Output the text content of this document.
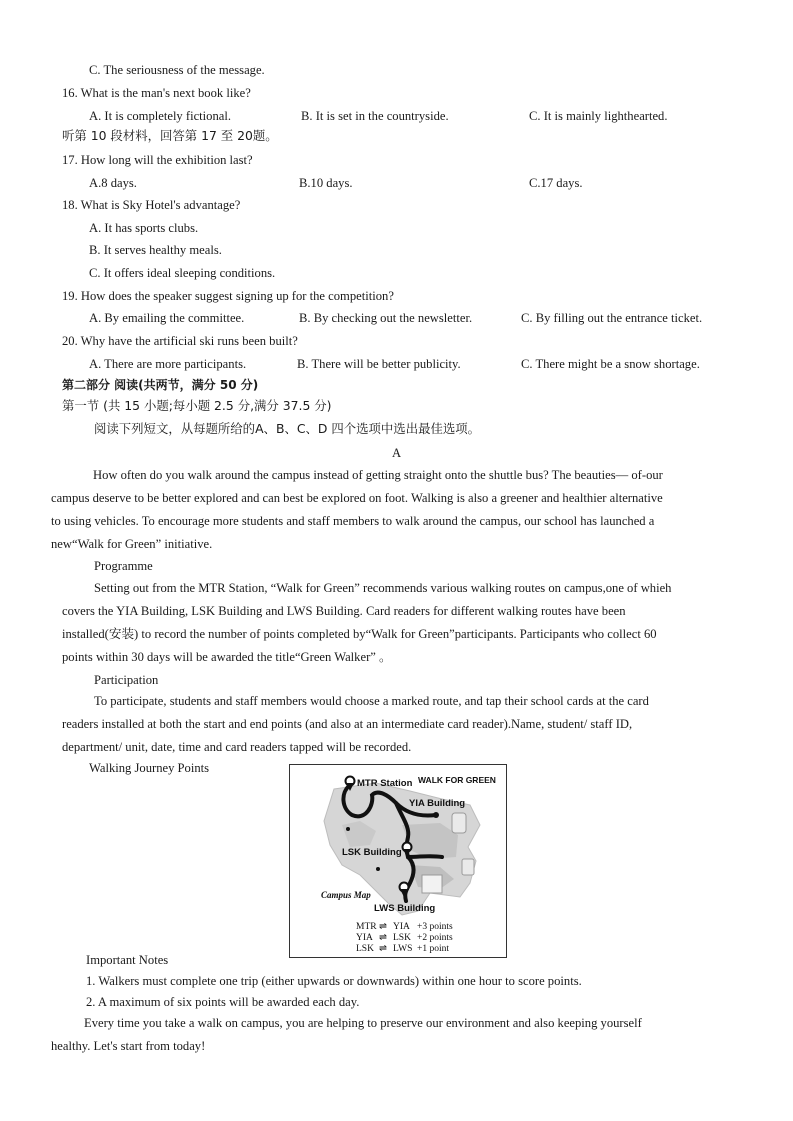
C. The seriousness of the message.
16. What is the man's next book like?
A. It is completely fictional.	B. It is set in the countryside.	C. It is mainly lighthearted.
听第 10 段材料，回答第 17 至 20题。
17. How long will the exhibition last?
A.8 days.	B.10 days.	C.17 days.
18. What is Sky Hotel's advantage?
A. It has sports clubs.
B. It serves healthy meals.
C. It offers ideal sleeping conditions.
19. How does the speaker suggest signing up for the competition?
A. By emailing the committee.	B. By checking out the newsletter.	C. By filling out the entrance ticket.
20. Why have the artificial ski runs been built?
A. There are more participants.	B. There will be better publicity.	C. There might be a snow shortage.
第二部分 阅读(共两节，满分 50 分)
第一节 (共 15 小题;每小题 2.5 分,满分 37.5 分)
阅读下列短文，从每题所给的A、B、C、D 四个选项中选出最佳选项。
A
How often do you walk around the campus instead of getting straight onto the shuttle bus? The beauties— of-our
campus deserve to be better explored and can best be explored on foot. Walking is also a greener and healthier alternative
to using vehicles. To encourage more students and staff members to walk around the campus, our school has launched a
new“Walk for Green” initiative.
Programme
Setting out from the MTR Station, “Walk for Green” recommends various walking routes on campus,one of whieh
covers the YIA Building, LSK Building and LWS Building. Card readers for different walking routes have been
installed(安装) to record the number of points completed by“Walk for Green”participants. Participants who collect 60
points within 30 days will be awarded the title“Green Walker” 。
Participation
To participate, students and staff members would choose a marked route, and tap their school cards at the card
readers installed at both the start and end points (and also at an intermediate card reader).Name, student/ staff ID,
department/ unit, date, time and card readers tapped will be recorded.
Walking Journey Points
MTR Station WALK FOR GREEN
YIA Building
LSK Building
Campus Map
LWS Building
MTR ⇌ YIA +3 points
YIA ⇌ LSK +2 points
LSK ⇌ LWS +1 point
Important Notes
1. Walkers must complete one trip (either upwards or downwards) within one hour to score points.
2. A maximum of six points will be awarded each day.
Every time you take a walk on campus, you are helping to preserve our environment and also keeping yourself
healthy. Let's start from today!
